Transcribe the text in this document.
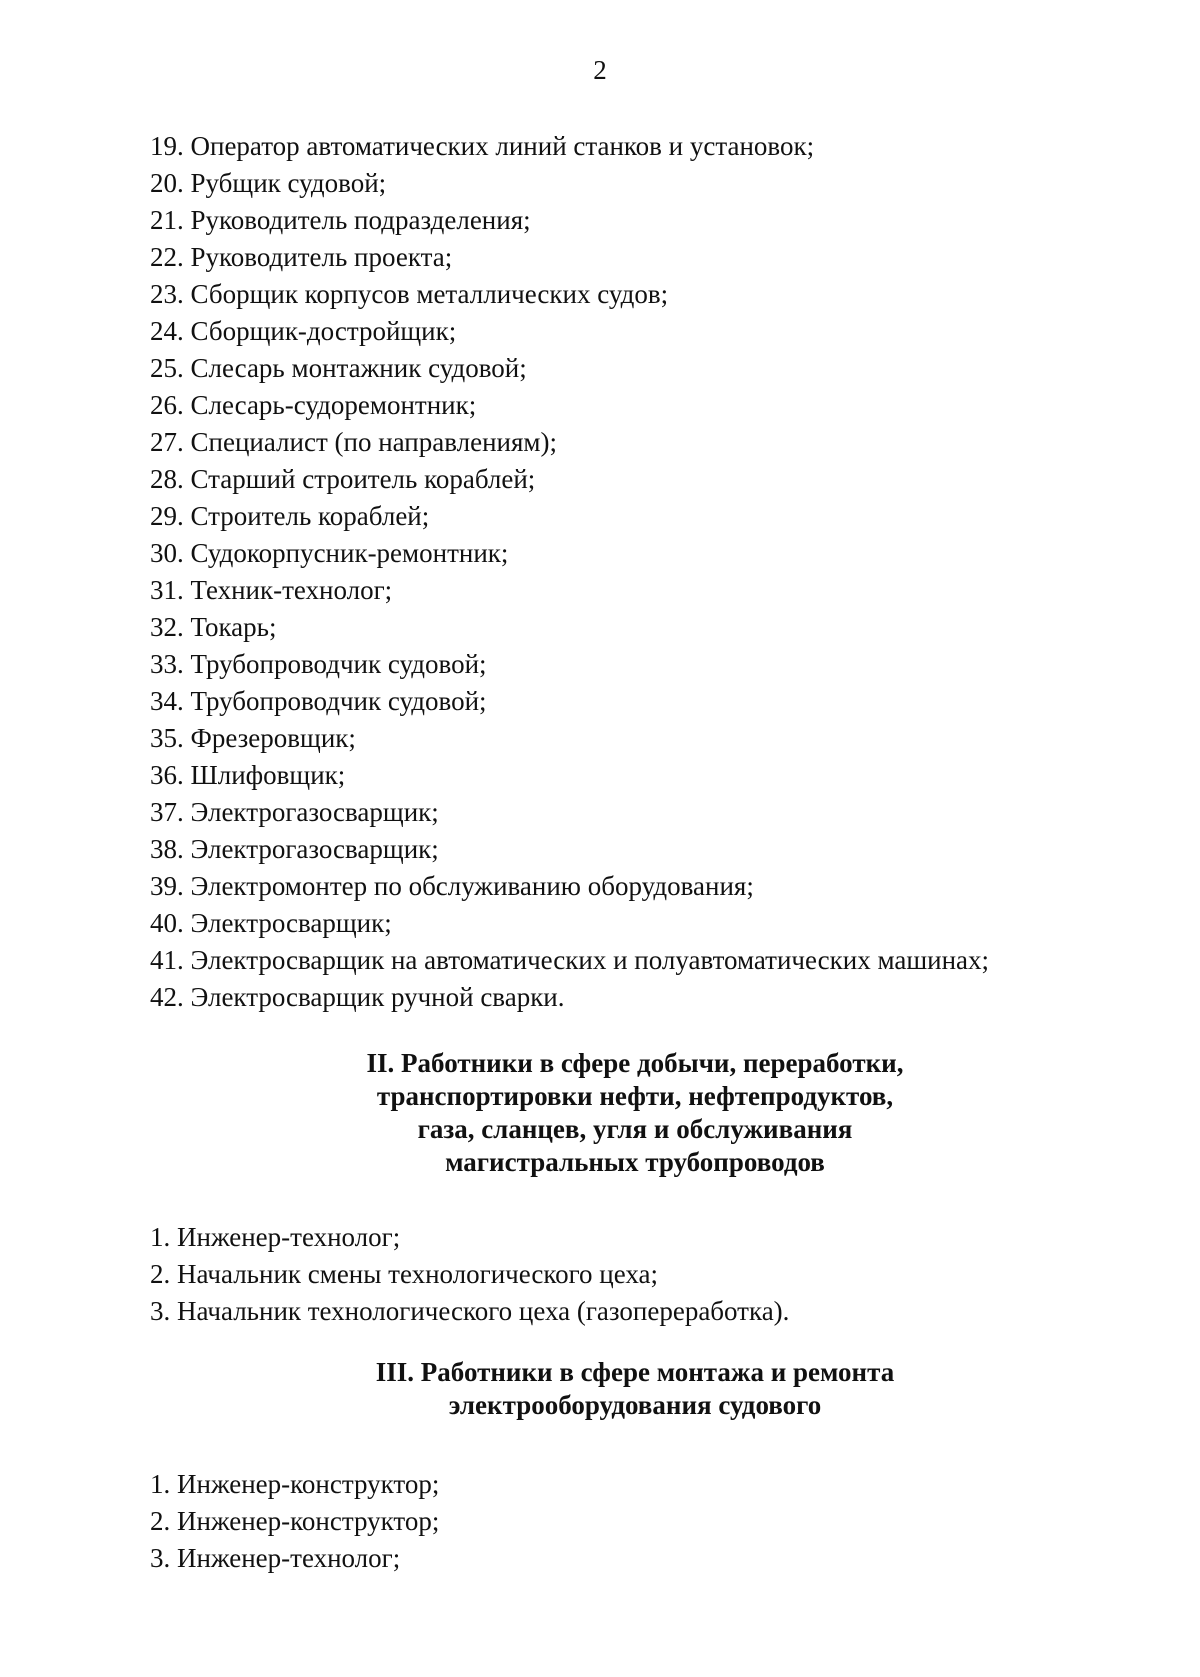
2
19. Оператор автоматических линий станков и установок;
20. Рубщик судовой;
21. Руководитель подразделения;
22. Руководитель проекта;
23. Сборщик корпусов металлических судов;
24. Сборщик-достройщик;
25. Слесарь монтажник судовой;
26. Слесарь-судоремонтник;
27. Специалист (по направлениям);
28. Старший строитель кораблей;
29. Строитель кораблей;
30. Судокорпусник-ремонтник;
31. Техник-технолог;
32. Токарь;
33. Трубопроводчик судовой;
34. Трубопроводчик судовой;
35. Фрезеровщик;
36. Шлифовщик;
37. Электрогазосварщик;
38. Электрогазосварщик;
39. Электромонтер по обслуживанию оборудования;
40. Электросварщик;
41. Электросварщик на автоматических и полуавтоматических машинах;
42. Электросварщик ручной сварки.
II. Работники в сфере добычи, переработки,
транспортировки нефти, нефтепродуктов,
газа, сланцев, угля и обслуживания
магистральных трубопроводов
1. Инженер-технолог;
2. Начальник смены технологического цеха;
3. Начальник технологического цеха (газопереработка).
III. Работники в сфере монтажа и ремонта
электрооборудования судового
1. Инженер-конструктор;
2. Инженер-конструктор;
3. Инженер-технолог;
